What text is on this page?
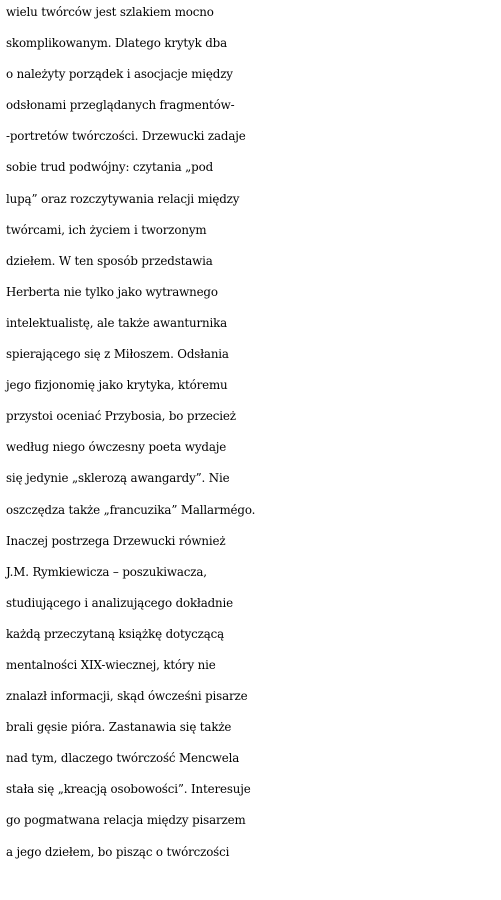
wielu twórców jest szlakiem mocno
skomplikowanym. Dlatego krytyk dba
o należyty porządek i asocjacje między
odsłonami przeglądanych fragmentów-
-portretów twórczości. Drzewucki zadaje
sobie trud podwójny: czytania „pod
lupą” oraz rozczytywania relacji między
twórcami, ich życiem i tworzonym
dziełem. W ten sposób przedstawia
Herberta nie tylko jako wytrawnego
intelektualistę, ale także awanturnika
spierającego się z Miłoszem. Odsłania
jego fizjonomię jako krytyka, któremu
przystoi oceniać Przybosia, bo przecież
według niego ówczesny poeta wydaje
się jedynie „sklerozą awangardy”. Nie
oszczędza także „francuzika” Mallarmégo.
Inaczej postrzega Drzewucki również
J.M. Rymkiewicza – poszukiwacza,
studiującego i analizującego dokładnie
każdą przeczytaną książkę dotyczącą
mentalności XIX-wiecznej, który nie
znalazł informacji, skąd ówcześni pisarze
brali gęsie pióra. Zastanawia się także
nad tym, dlaczego twórczość Mencwela
stała się „kreacją osobowości”. Interesuje
go pogmatwana relacja między pisarzem
a jego dziełem, bo pisząc o twórczości
